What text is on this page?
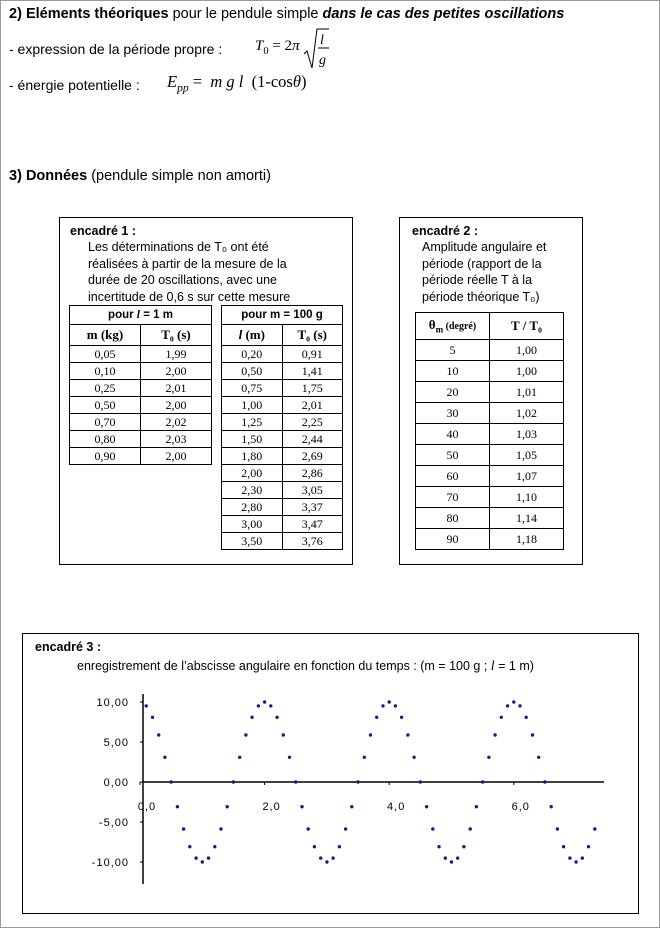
2) Eléments théoriques pour le pendule simple dans le cas des petites oscillations
- expression de la période propre : $T_0 = 2\pi$ l
g
- énergie potentielle : $E_{pp} = m$ g l  (1-cosθ)
3) Données (pendule simple non amorti)
encadré 1 :
Les déterminations de T₀ ont été
réalisées à partir de la mesure de la
durée de 20 oscillations, avec une
incertitude de 0,6 s sur cette mesure
pour l = 1 m	
m (kg)	T₀ (s)
0,05	1,99
0,10	2,00
0,25	2,01
0,50	2,00
0,70	2,02
0,80	2,03
0,90	2,00
pour m = 100 g	
l (m)	T₀ (s)
0,20	0,91
0,50	1,41
0,75	1,75
1,00	2,01
1,25	2,25
1,50	2,44
1,80	2,69
2,00	2,86
2,30	3,05
2,80	3,37
3,00	3,47
3,50	3,76
encadré 2 :
Amplitude angulaire et
période (rapport de la
période réelle T à la
période théorique T₀)
$\theta_m$ (degré)	T / T₀
5	1,00
10	1,00
20	1,01
30	1,02
40	1,03
50	1,05
60	1,07
70	1,10
80	1,14
90	1,18
encadré 3 :
enregistrement de l’abscisse angulaire en fonction du temps : (m = 100 g ; l = 1 m)
10,00
5,00
0,00
-5,00
-10,00
0,0	2,0	4,0	6,0
